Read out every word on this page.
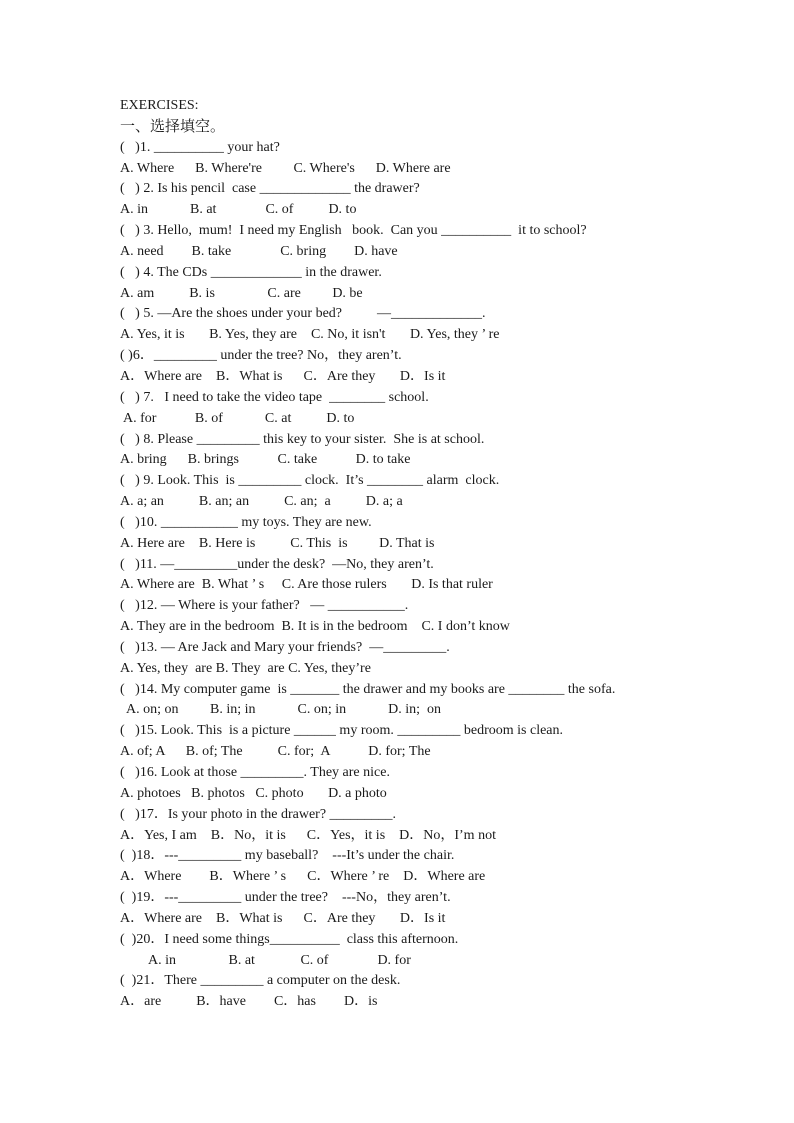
EXERCISES:
一、选择填空。
(   )1. __________ your hat?
A. Where      B. Where're         C. Where's      D. Where are
(   ) 2. Is his pencil  case _____________ the drawer?
A. in            B. at              C. of          D. to
(   ) 3. Hello,  mum!  I need my English   book.  Can you __________  it to school?
A. need        B. take              C. bring        D. have
(   ) 4. The CDs _____________ in the drawer.
A. am          B. is               C. are         D. be
(   ) 5. —Are the shoes under your bed?          —_____________.
A. Yes, it is       B. Yes, they are    C. No, it isn't       D. Yes, they ’ re
( )6．_________ under the tree? No，they aren’t.
A．Where are    B．What is      C．Are they       D．Is it
(   ) 7.   I need to take the video tape  ________ school.
A. for           B. of            C. at          D. to
(   ) 8. Please _________ this key to your sister.  She is at school.
A. bring      B. brings           C. take           D. to take
(   ) 9. Look. This  is _________ clock.  It’s ________ alarm  clock.
A. a; an          B. an; an          C. an;  a          D. a; a
(   )10. ___________ my toys. They are new.
A. Here are    B. Here is          C. This  is         D. That is
(   )11. —_________under the desk?  —No, they aren’t.
A. Where are  B. What ’ s     C. Are those rulers       D. Is that ruler
(   )12. — Where is your father?   — ___________.
A. They are in the bedroom  B. It is in the bedroom    C. I don’t know
(   )13. — Are Jack and Mary your friends?  —_________.
A. Yes, they  are B. They  are C. Yes, they’re
(   )14. My computer game  is _______ the drawer and my books are ________ the sofa.
A. on; on         B. in; in            C. on; in            D. in;  on
(   )15. Look. This  is a picture ______ my room. _________ bedroom is clean.
A. of; A      B. of; The          C. for;  A           D. for; The
(   )16. Look at those _________. They are nice.
A. photoes   B. photos   C. photo       D. a photo
(   )17．Is your photo in the drawer? _________.
A．Yes, I am    B．No，it is      C．Yes，it is    D．No，I’m not
(  )18．---_________ my baseball?    ---It’s under the chair.
A．Where        B．Where ’ s      C．Where ’ re    D．Where are
(  )19．---_________ under the tree?    ---No，they aren’t.
A．Where are    B．What is      C．Are they       D．Is it
(  )20．I need some things__________  class this afternoon.
A. in               B. at             C. of              D. for
(  )21．There _________ a computer on the desk.
A．are          B．have        C．has        D．is
